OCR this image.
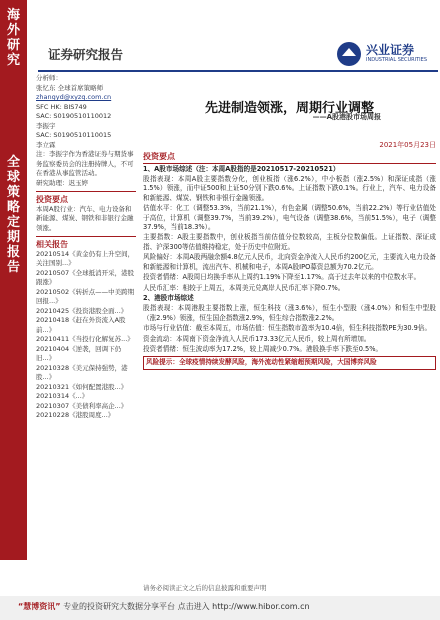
海外研究
全球策略定期报告
证券研究报告	兴业证券
INDUSTRIAL SECURITIES
分析师：
张忆东 全球首席策略师
zhangyd@xyzq.com.cn
SFC HK: BIS749
SAC: S0190510110012
李振宇
SAC: S0190510110015
李立霖
注：李振宇作为香港证券与期货事务监察委员会的注册持牌人，不可在香港从事监管活动。
研究助理：迟玉婷
投资要点
本周A股行业：汽车、电力设备和新能源、煤炭、钢铁和非银行金融领涨。
相关报告
20210514《黄金仍有上升空间，关注国别...》
20210507《全球抵消开采，港股跟涨》
20210502《转折点——中美跨期回报...》
20210425《投资港股全面...》
20210418《赶在外资流入A股前...》
20210411《当投行化解复苏...》
20210404《逆袭，回调下仍旧...》
20210328《美元保持强势，港股...》
20210321《如何配置港股...》
20210314《...》
20210307《美债利率高企...》
20210228《港股周度...》
先进制造领涨，周期行业调整
——A股港股市场周报
2021年05月23日
投资要点
1、A股市场综述（注：本周A股指的是20210517-20210521）
股指表现：本周A股主要指数分化，创业板指（涨6.2%），中小板指（涨2.5%）和深证成指（涨1.5%）领涨，而中证500和上证50分别下跌0.6%。上证指数下跌0.1%。行业上，汽车、电力设备和新能源、煤炭、钢铁和非银行金融领涨。
估值水平：化工（调整53.3%，当前21.1%），有色金属（调整50.6%，当前22.2%）等行业估值处于高位，计算机（调整39.7%，当前39.2%），电气设备（调整38.6%，当前51.5%），电子（调整37.9%，当前18.3%）。
主要指数：A股主要指数中，创业板指当前估值分位数较高，主板分位数偏低。上证指数、深证成指、沪深300等估值维持稳定，处于历史中位附近。
风险偏好：本周A股两融余额4.8亿元人民币，北向资金净流入人民币约200亿元，主要流入电力设备和新能源和计算机，流出汽车、机械和电子，本周A股IPO募资总额为70.2亿元。
投资者情绪：A股周日均换手率从上周约1.19%下降至1.17%。高于过去年以来的中位数水平。
人民币汇率：相较于上周五，本周美元兑离岸人民币汇率下降0.7%。
2、港股市场综述
股指表现：本周港股主要指数上涨，恒生科技（涨3.6%），恒生小型股（涨4.0%）和恒生中型股（涨2.9%）领涨，恒生国企指数涨2.9%，恒生综合指数涨2.2%。
市场与行业估值：截至本周五，市场估值：恒生指数市盈率为10.4倍，恒生科技指数PE为30.9倍。
资金流动：本周南下资金净流入人民币173.33亿元人民币，较上周有所增加。
投资者情绪：恒生波动率为17.2%，较上周减少0.7%。港股换手率下跌至0.5%。
风险提示：全球疫情持续发酵风险，海外流动性紧缩超预期风险，大国博弈风险
请务必阅读正文之后的信息披露和重要声明
“慧博资讯” 专业的投资研究大数据分享平台 点击进入 http://www.hibor.com.cn
